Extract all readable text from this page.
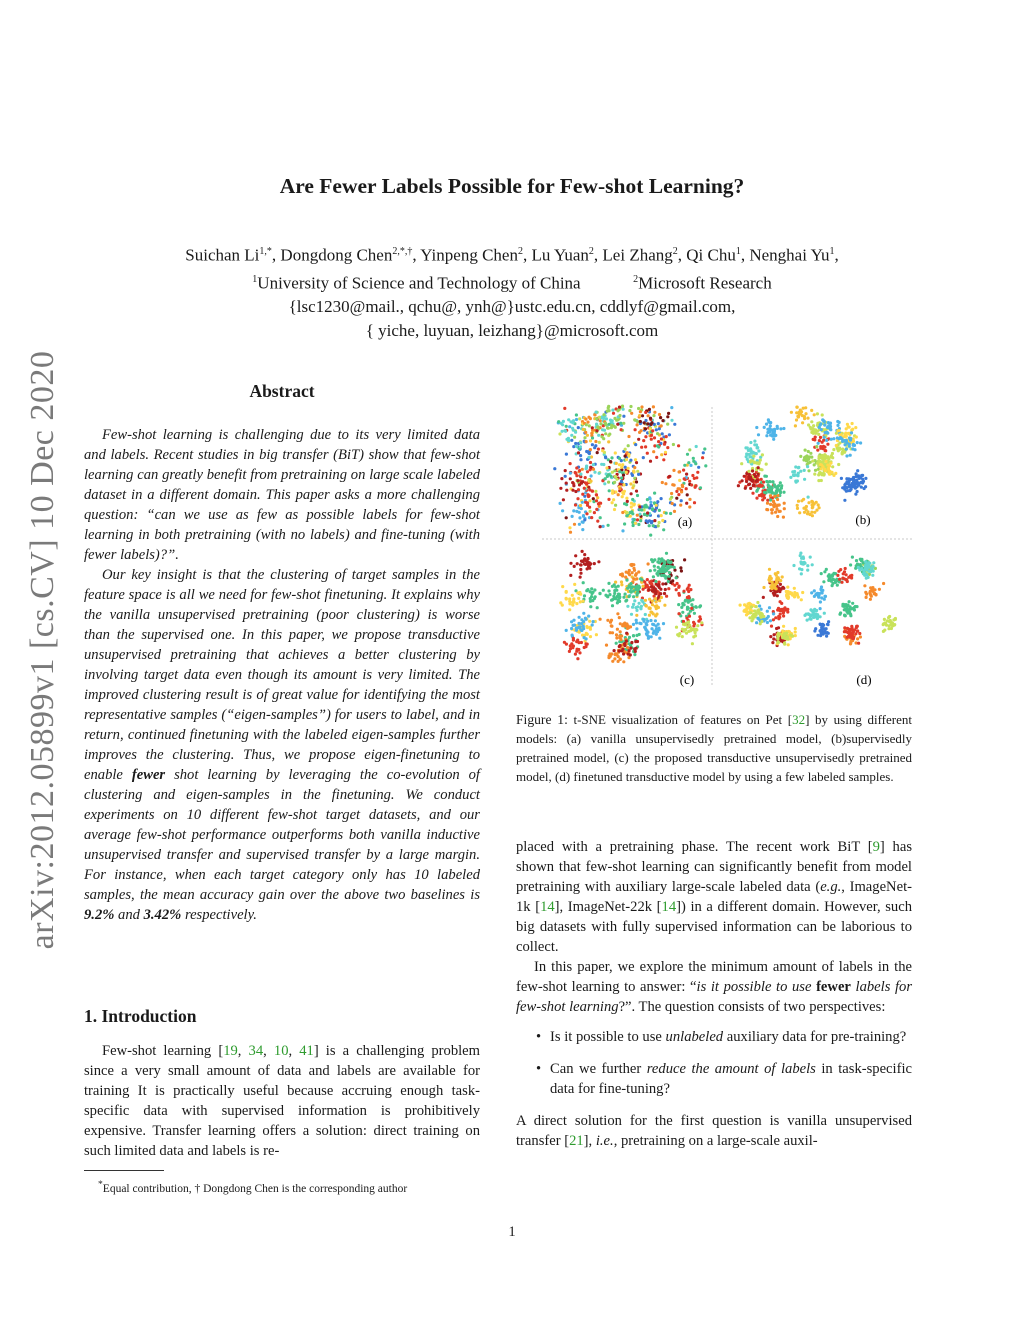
arXiv:2012.05899v1 [cs.CV] 10 Dec 2020
Are Fewer Labels Possible for Few-shot Learning?
Suichan $Li^{1,*}$, Dongdong Chen$^{2,*,\dagger}$, Yinpeng Chen$^2$, Lu Yuan$^2$, Lei Zhang$^2$, Qi Chu$^1$, Nenghai Yu$^1$,
$^1$University of Science and Technology of China	$^2$Microsoft Research
{lsc1230@mail., qchu@, ynh@}ustc.edu.cn, cddlyf@gmail.com,
{ yiche, luyuan, leizhang}@microsoft.com
Abstract

Few-shot learning is challenging due to its very limited data and labels. Recent studies in big transfer (BiT) show that few-shot learning can greatly benefit from pretraining on large scale labeled dataset in a different domain. This paper asks a more challenging question: “can we use as few as possible labels for few-shot learning in both pretraining (with no labels) and fine-tuning (with fewer labels)?”.

Our key insight is that the clustering of target samples in the feature space is all we need for few-shot finetuning. It explains why the vanilla unsupervised pretraining (poor clustering) is worse than the supervised one. In this paper, we propose transductive unsupervised pretraining that achieves a better clustering by involving target data even though its amount is very limited. The improved clustering result is of great value for identifying the most representative samples (“eigen-samples”) for users to label, and in return, continued finetuning with the labeled eigen-samples further improves the clustering. Thus, we propose eigen-finetuning to enable fewer shot learning by leveraging the co-evolution of clustering and eigen-samples in the finetuning. We conduct experiments on 10 different few-shot target datasets, and our average few-shot performance outperforms both vanilla inductive unsupervised transfer and supervised transfer by a large margin. For instance, when each target category only has 10 labeled samples, the mean accuracy gain over the above two baselines is 9.2% and 3.42% respectively.

1. Introduction

Few-shot learning [19, 34, 10, 41] is a challenging problem since a very small amount of data and labels are available for training It is practically useful because accruing enough task-specific data with supervised information is prohibitively expensive. Transfer learning offers a solution: direct training on such limited data and labels is re-

*Equal contribution, † Dongdong Chen is the corresponding author
(a)	(b)
(c)	(d)
Figure 1: t-SNE visualization of features on Pet [32] by using different models: (a) vanilla unsupervisedly pretrained model, (b)supervisedly pretrained model, (c) the proposed transductive unsupervisedly pretrained model, (d) finetuned transductive model by using a few labeled samples.

placed with a pretraining phase. The recent work BiT [9] has shown that few-shot learning can significantly benefit from model pretraining with auxiliary large-scale labeled data (e.g., ImageNet-1k [14], ImageNet-22k [14]) in a different domain. However, such big datasets with fully supervised information can be laborious to collect.

In this paper, we explore the minimum amount of labels in the few-shot learning to answer: “is it possible to use fewer labels for few-shot learning?”. The question consists of two perspectives:

• Is it possible to use unlabeled auxiliary data for pre-training?
• Can we further reduce the amount of labels in task-specific data for fine-tuning?

A direct solution for the first question is vanilla unsupervised transfer [21], i.e., pretraining on a large-scale auxil-

1
